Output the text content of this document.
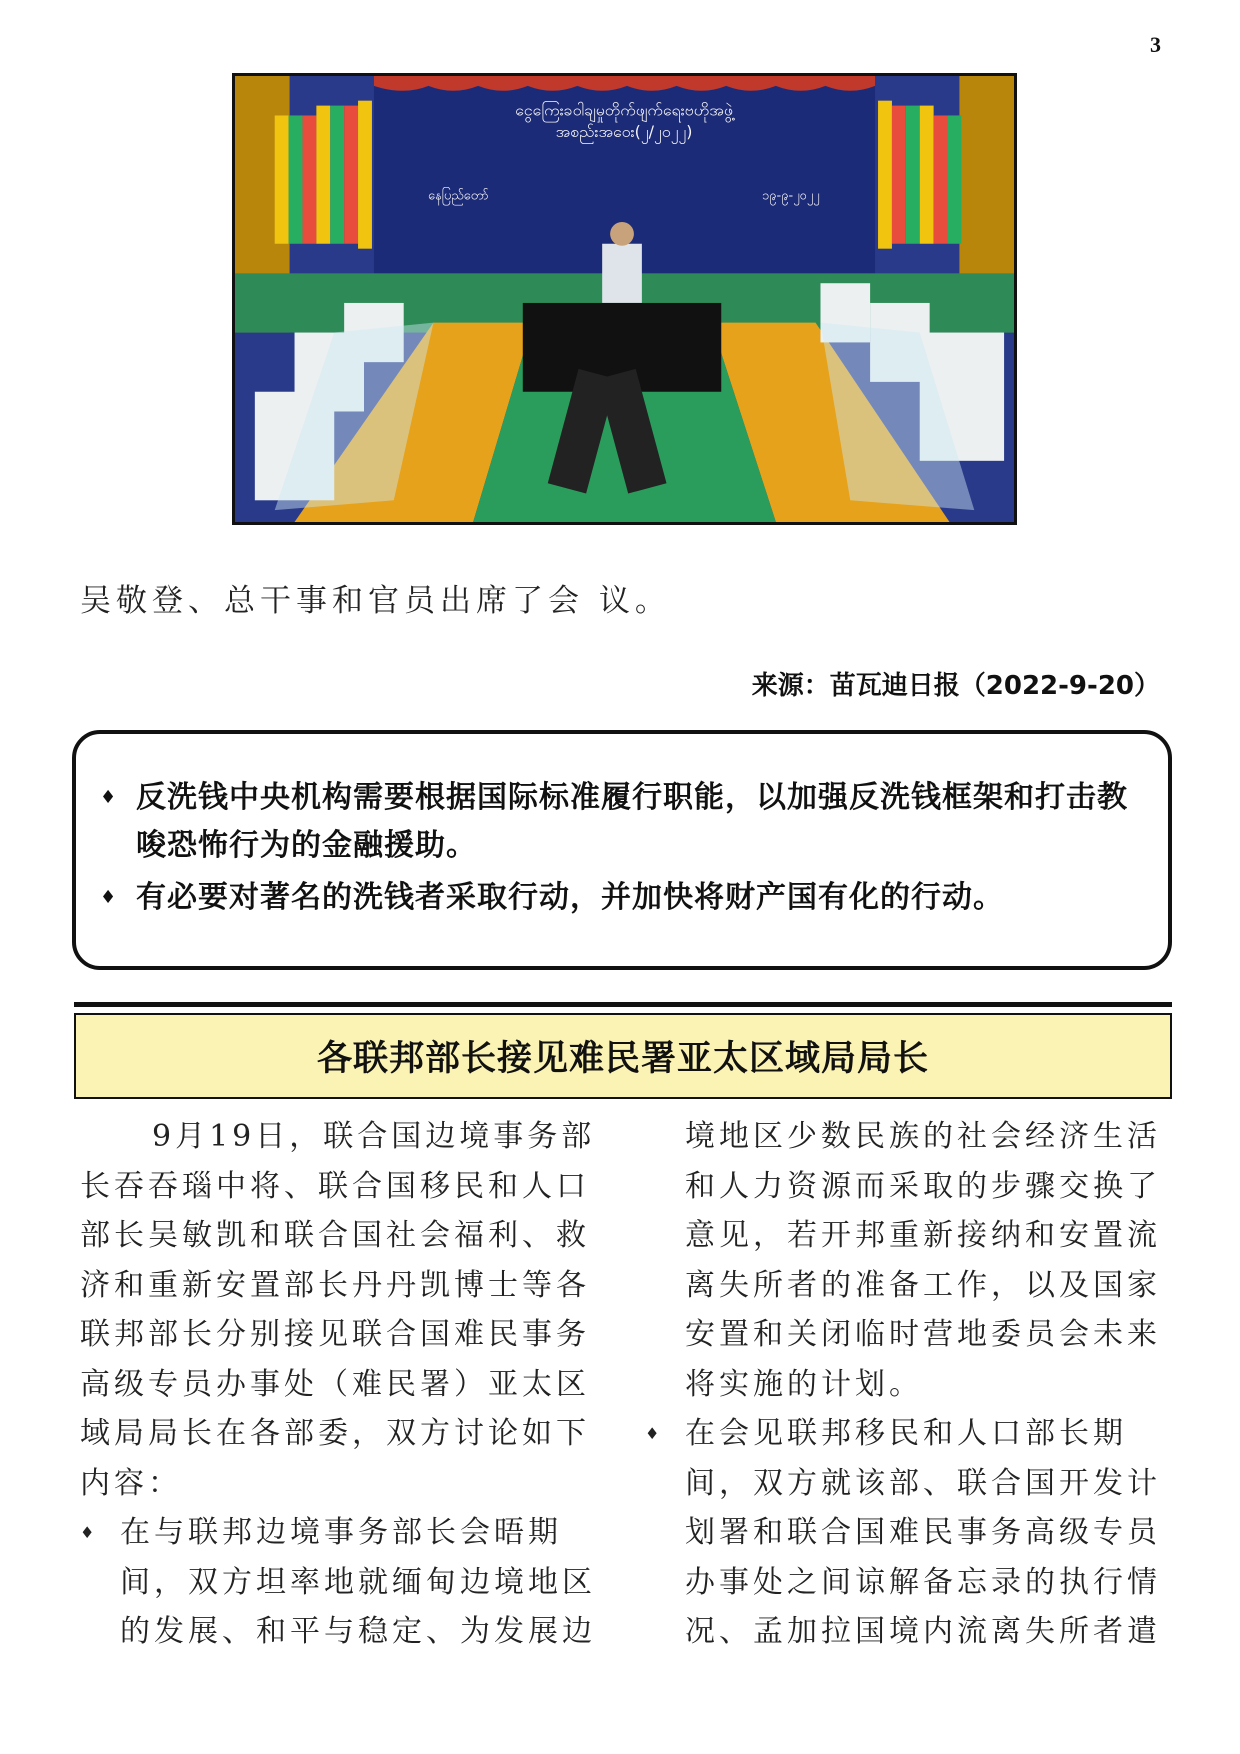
3
ငွေကြေးခဝါချမှုတိုက်ဖျက်ရေးဗဟိုအဖွဲ့
အစည်းအဝေး(၂/၂၀၂၂)
နေပြည်တော်	၁၉-၉-၂၀၂၂
吴敬登、总干事和官员出席了会 议。
来源：苗瓦迪日报（2022-9-20）
♦ 反洗钱中央机构需要根据国际标准履行职能，以加强反洗钱框架和打击教唆恐怖行为的金融援助。
♦ 有必要对著名的洗钱者采取行动，并加快将财产国有化的行动。
各联邦部长接见难民署亚太区域局局长

9月19日，联合国边境事务部长吞吞瑙中将、联合国移民和人口部长吴敏凯和联合国社会福利、救济和重新安置部长丹丹凯博士等各联邦部长分别接见联合国难民事务高级专员办事处（难民署）亚太区域局局长在各部委，双方讨论如下内容：

♦ 在与联邦边境事务部长会晤期间，双方坦率地就缅甸边境地区的发展、和平与稳定、为发展边
境地区少数民族的社会经济生活和人力资源而采取的步骤交换了意见，若开邦重新接纳和安置流离失所者的准备工作，以及国家安置和关闭临时营地委员会未来将实施的计划。
♦ 在会见联邦移民和人口部长期间，双方就该部、联合国开发计划署和联合国难民事务高级专员办事处之间谅解备忘录的执行情况、孟加拉国境内流离失所者遣
